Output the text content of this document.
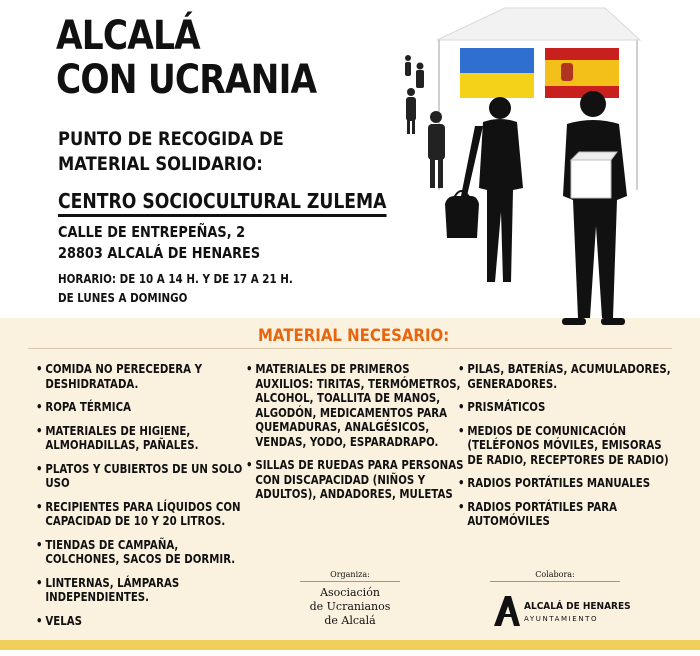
ALCALÁ
CON UCRANIA
PUNTO DE RECOGIDA DE
MATERIAL SOLIDARIO:
CENTRO SOCIOCULTURAL ZULEMA
CALLE DE ENTREPEÑAS, 2
28803 ALCALÁ DE HENARES
HORARIO: DE 10 A 14 H. Y DE 17 A 21 H.
DE LUNES A DOMINGO
MATERIAL NECESARIO:
• COMIDA NO PERECEDERA Y DESHIDRATADA.
• ROPA TÉRMICA
• MATERIALES DE HIGIENE, ALMOHADILLAS, PAÑALES.
• PLATOS Y CUBIERTOS DE UN SOLO USO
• RECIPIENTES PARA LÍQUIDOS CON CAPACIDAD DE 10 Y 20 LITROS.
• TIENDAS DE CAMPAÑA, COLCHONES, SACOS DE DORMIR.
• LINTERNAS, LÁMPARAS INDEPENDIENTES.
• VELAS
• MATERIALES DE PRIMEROS AUXILIOS: TIRITAS, TERMÓMETROS, ALCOHOL, TOALLITA DE MANOS, ALGODÓN, MEDICAMENTOS PARA QUEMADURAS, ANALGÉSICOS, VENDAS, YODO, ESPARADRAPO.
• SILLAS DE RUEDAS PARA PERSONAS CON DISCAPACIDAD (NIÑOS Y ADULTOS), ANDADORES, MULETAS
• PILAS, BATERÍAS, ACUMULADORES, GENERADORES.
• PRISMÁTICOS
• MEDIOS DE COMUNICACIÓN (TELÉFONOS MÓVILES, EMISORAS DE RADIO, RECEPTORES DE RADIO)
• RADIOS PORTÁTILES MANUALES
• RADIOS PORTÁTILES PARA AUTOMÓVILES
Organiza:
Asociación
de Ucranianos
de Alcalá
Colabora:
ALCALÁ DE HENARES
AYUNTAMIENTO
